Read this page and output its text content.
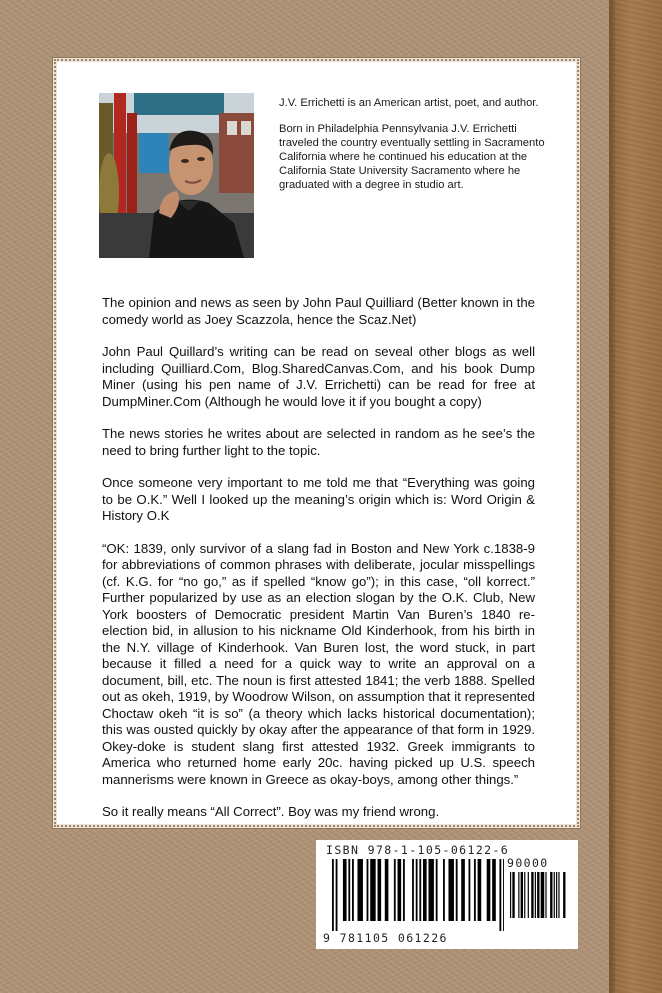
J.V. Errichetti is an American artist, poet, and author.

Born in Philadelphia Pennsylvania J.V. Errichetti traveled the country eventually settling in Sacramento California where he continued his education at the California State University Sacramento where he graduated with a degree in studio art.

The opinion and news as seen by John Paul Quilliard (Better known in the comedy world as Joey Scazzola, hence the Scaz.Net)

John Paul Quillard’s writing can be read on seveal other blogs as well including Quilliard.Com, Blog.SharedCanvas.Com, and his book Dump Miner (using his pen name of J.V. Errichetti) can be read for free at DumpMiner.Com (Although he would love it if you bought a copy)

The news stories he writes about are selected in random as he see’s the need to bring further light to the topic.

Once someone very important to me told me that “Everything was going to be O.K.” Well I looked up the meaning’s origin which is: Word Origin & History O.K

“OK: 1839, only survivor of a slang fad in Boston and New York c.1838-9 for abbreviations of common phrases with deliberate, jocular misspellings (cf. K.G. for “no go,” as if spelled “know go”); in this case, “oll korrect.” Further popularized by use as an election slogan by the O.K. Club, New York boosters of Democratic president Martin Van Buren’s 1840 re-election bid, in allusion to his nickname Old Kinderhook, from his birth in the N.Y. village of Kinderhook. Van Buren lost, the word stuck, in part because it filled a need for a quick way to write an approval on a document, bill, etc. The noun is first attested 1841; the verb 1888. Spelled out as okeh, 1919, by Woodrow Wilson, on assumption that it represented Choctaw okeh “it is so” (a theory which lacks historical documentation); this was ousted quickly by okay after the appearance of that form in 1929. Okey-doke is student slang first attested 1932. Greek immigrants to America who returned home early 20c. having picked up U.S. speech mannerisms were known in Greece as okay-boys, among other things.”

So it really means “All Correct”. Boy was my friend wrong.

ISBN 978-1-105-06122-6
90000
9 781105 061226
